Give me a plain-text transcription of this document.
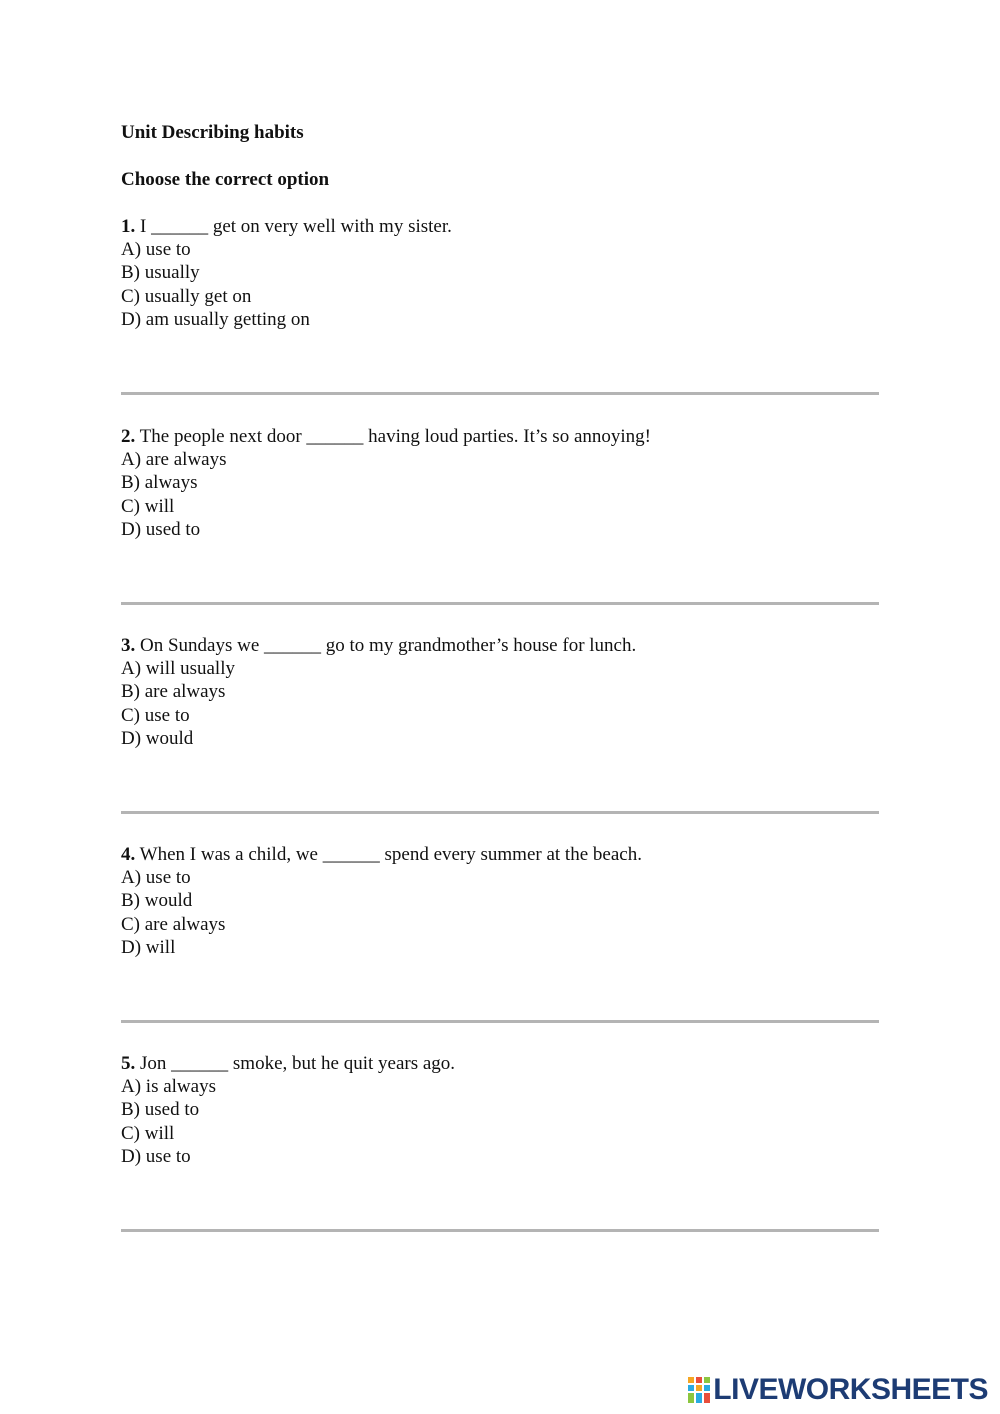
Unit Describing habits
Choose the correct option
1. I ______ get on very well with my sister.
A) use to
B) usually
C) usually get on
D) am usually getting on
2. The people next door ______ having loud parties. It’s so annoying!
A) are always
B) always
C) will
D) used to
3. On Sundays we ______ go to my grandmother’s house for lunch.
A) will usually
B) are always
C) use to
D) would
4. When I was a child, we ______ spend every summer at the beach.
A) use to
B) would
C) are always
D) will
5. Jon ______ smoke, but he quit years ago.
A) is always
B) used to
C) will
D) use to
LIVEWORKSHEETS
